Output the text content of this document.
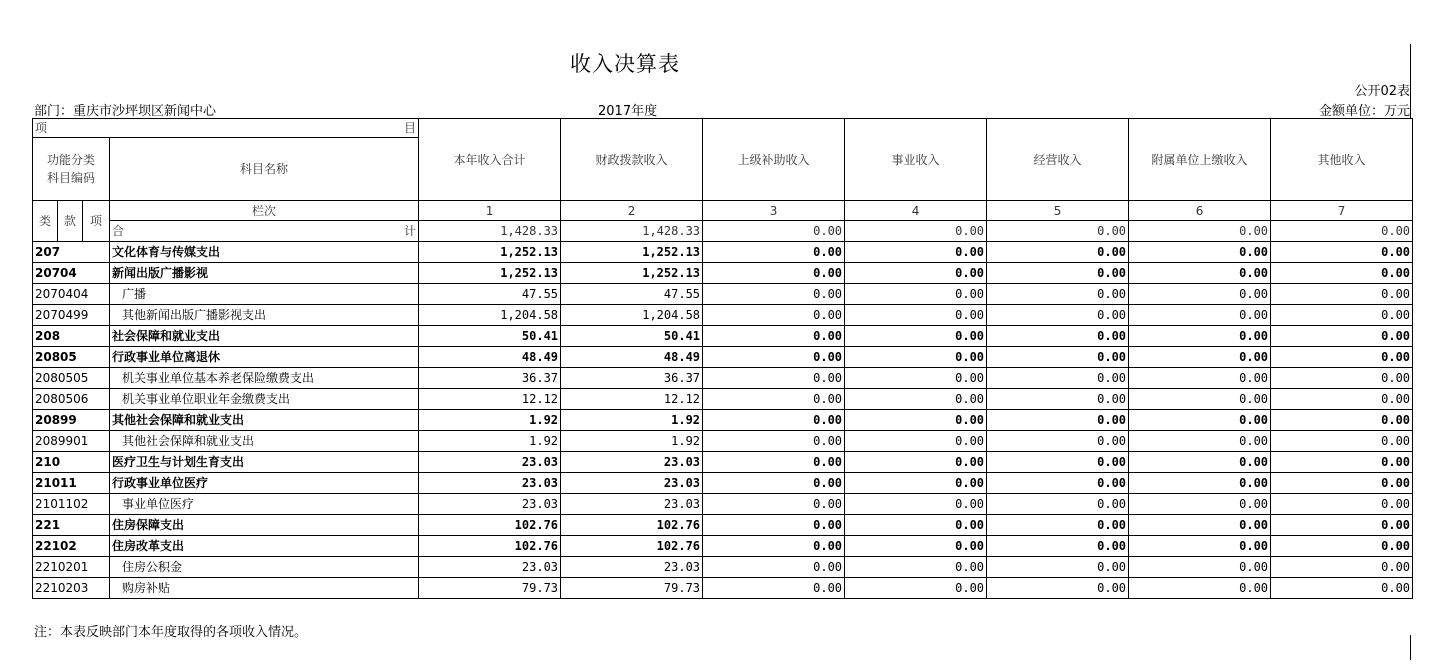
收入决算表
公开02表
部门：重庆市沙坪坝区新闻中心	2017年度	金额单位：万元
项 目				本年收入合计	财政拨款收入	上级补助收入	事业收入	经营收入	附属单位上缴收入	其他收入
功能分类
科目编码			科目名称							
类	款	项	栏次	1	2	3	4	5	6	7

			合 计	1,428.33	1,428.33	0.00	0.00	0.00	0.00	0.00
207			文化体育与传媒支出	1,252.13	1,252.13	0.00	0.00	0.00	0.00	0.00
20704			新闻出版广播影视	1,252.13	1,252.13	0.00	0.00	0.00	0.00	0.00
2070404			广播	47.55	47.55	0.00	0.00	0.00	0.00	0.00
2070499			其他新闻出版广播影视支出	1,204.58	1,204.58	0.00	0.00	0.00	0.00	0.00
208			社会保障和就业支出	50.41	50.41	0.00	0.00	0.00	0.00	0.00
20805			行政事业单位离退休	48.49	48.49	0.00	0.00	0.00	0.00	0.00
2080505			机关事业单位基本养老保险缴费支出	36.37	36.37	0.00	0.00	0.00	0.00	0.00
2080506			机关事业单位职业年金缴费支出	12.12	12.12	0.00	0.00	0.00	0.00	0.00
20899			其他社会保障和就业支出	1.92	1.92	0.00	0.00	0.00	0.00	0.00
2089901			其他社会保障和就业支出	1.92	1.92	0.00	0.00	0.00	0.00	0.00
210			医疗卫生与计划生育支出	23.03	23.03	0.00	0.00	0.00	0.00	0.00
21011			行政事业单位医疗	23.03	23.03	0.00	0.00	0.00	0.00	0.00
2101102			事业单位医疗	23.03	23.03	0.00	0.00	0.00	0.00	0.00
221			住房保障支出	102.76	102.76	0.00	0.00	0.00	0.00	0.00
22102			住房改革支出	102.76	102.76	0.00	0.00	0.00	0.00	0.00
2210201			住房公积金	23.03	23.03	0.00	0.00	0.00	0.00	0.00
2210203			购房补贴	79.73	79.73	0.00	0.00	0.00	0.00	0.00
注：本表反映部门本年度取得的各项收入情况。
